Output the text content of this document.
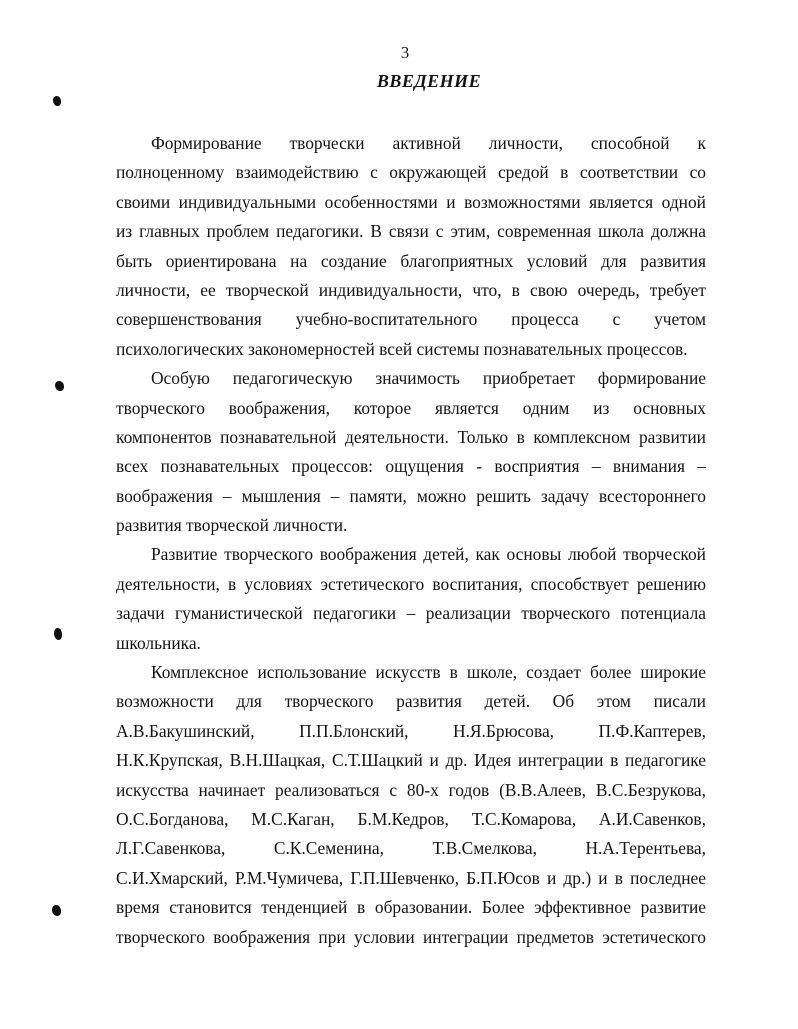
3
ВВЕДЕНИЕ
Формирование творчески активной личности, способной к
полноценному взаимодействию с окружающей средой в соответствии со
своими индивидуальными особенностями и возможностями является одной
из главных проблем педагогики. В связи с этим, современная школа должна
быть ориентирована на создание благоприятных условий для развития
личности, ее творческой индивидуальности, что, в свою очередь, требует
совершенствования учебно-воспитательного процесса с учетом
психологических закономерностей всей системы познавательных процессов.
Особую педагогическую значимость приобретает формирование
творческого воображения, которое является одним из основных
компонентов познавательной деятельности. Только в комплексном развитии
всех познавательных процессов: ощущения - восприятия – внимания –
воображения – мышления – памяти, можно решить задачу всестороннего
развития творческой личности.
Развитие творческого воображения детей, как основы любой творческой
деятельности, в условиях эстетического воспитания, способствует решению
задачи гуманистической педагогики – реализации творческого потенциала
школьника.
Комплексное использование искусств в школе, создает более широкие
возможности для творческого развития детей. Об этом писали
А.В.Бакушинский, П.П.Блонский, Н.Я.Брюсова, П.Ф.Каптерев,
Н.К.Крупская, В.Н.Шацкая, С.Т.Шацкий и др. Идея интеграции в педагогике
искусства начинает реализоваться с 80-х годов (В.В.Алеев, В.С.Безрукова,
О.С.Богданова, М.С.Каган, Б.М.Кедров, Т.С.Комарова, А.И.Савенков,
Л.Г.Савенкова, С.К.Семенина, Т.В.Смелкова, Н.А.Терентьева,
С.И.Хмарский, Р.М.Чумичева, Г.П.Шевченко, Б.П.Юсов и др.) и в последнее
время становится тенденцией в образовании. Более эффективное развитие
творческого воображения при условии интеграции предметов эстетического
